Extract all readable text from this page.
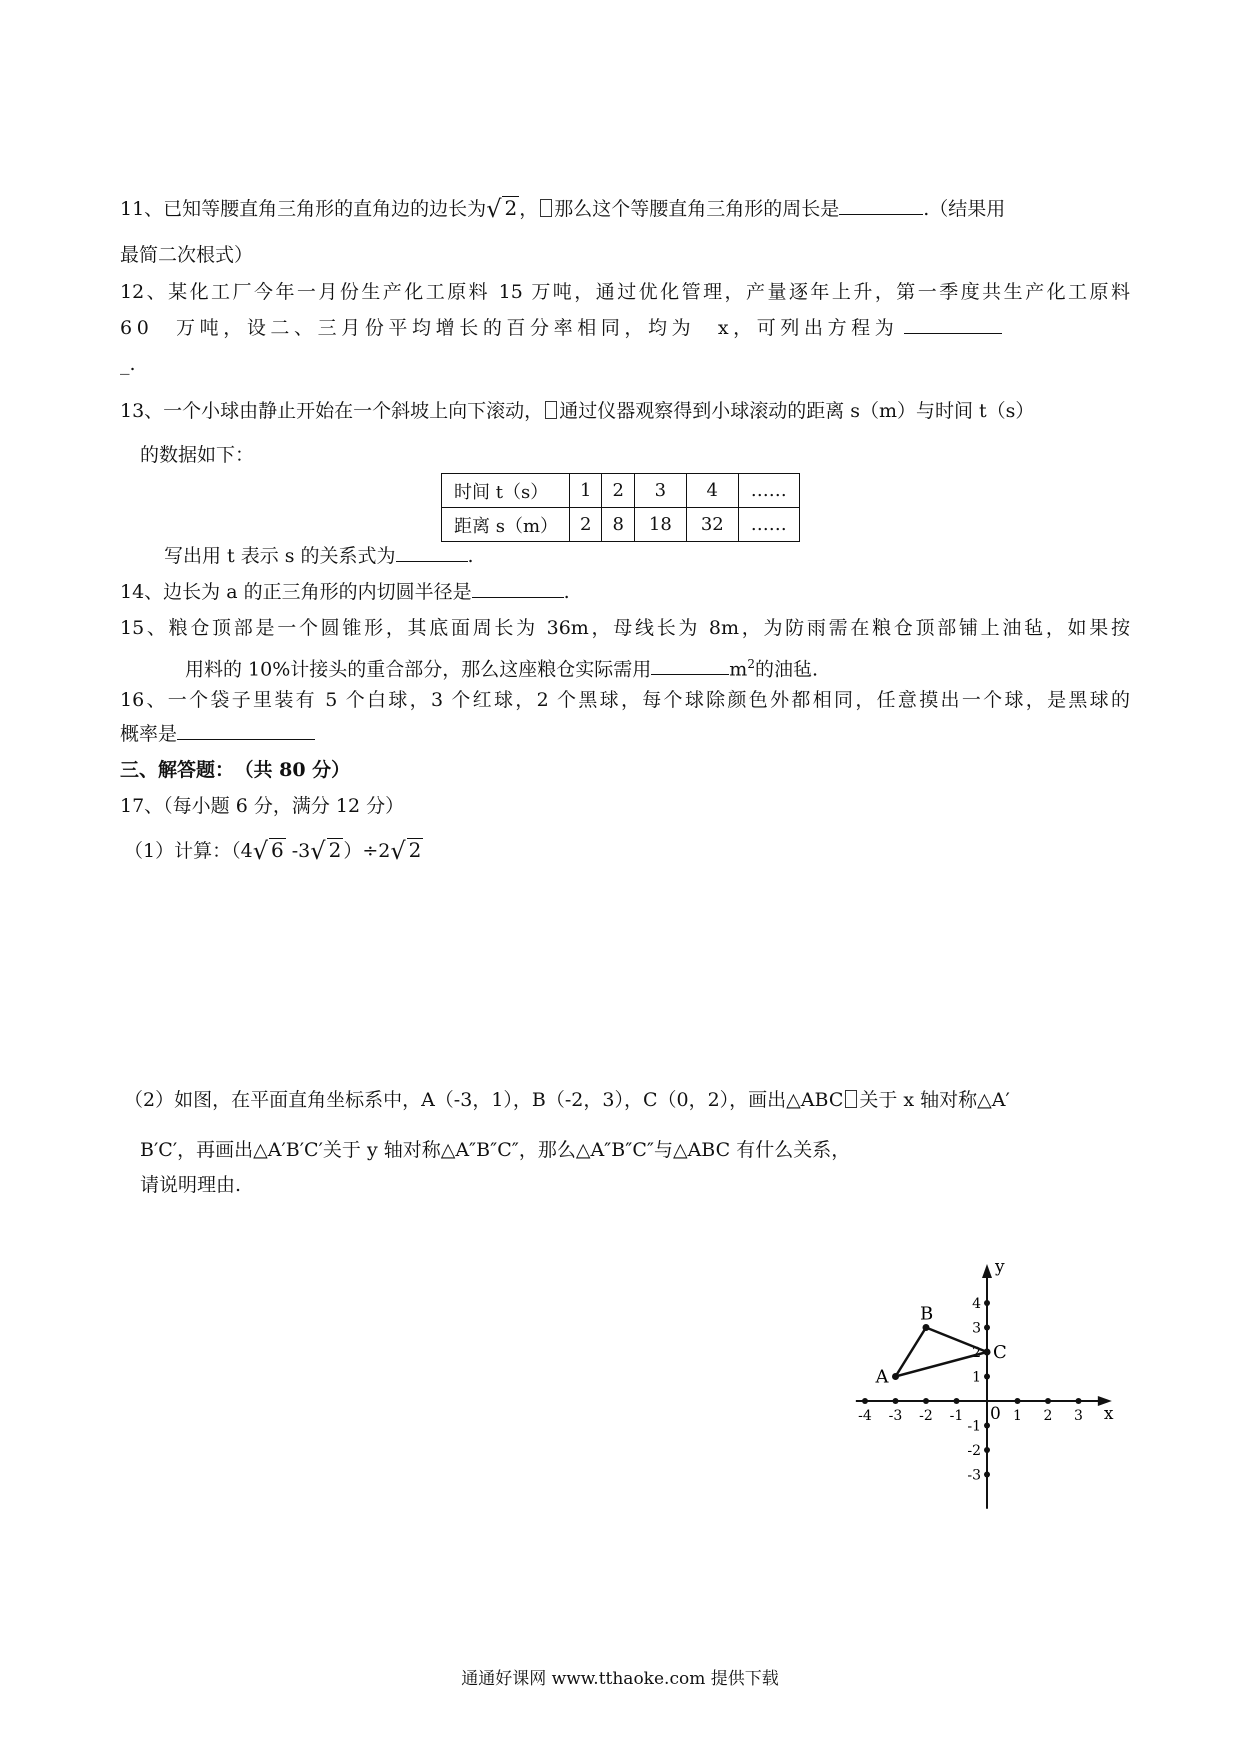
11、已知等腰直角三角形的直角边的边长为√ 2 ， 那么这个等腰直角三角形的周长是	.（结果用
最简二次根式）
12、某化工厂今年一月份生产化工原料 15 万吨，通过优化管理，产量逐年上升，第一季度共生产化工原料
60 万吨，设二、三月份平均增长的百分率相同，均为 x，可列出方程为
_.
13、一个小球由静止开始在一个斜坡上向下滚动， 通过仪器观察得到小球滚动的距离 s（m）与时间 t（s）
的数据如下：
时间 t（s）	1	2	3	4	……
距离 s（m）	2	8	18	32	……
写出用 t 表示 s 的关系式为	.
14、边长为 a 的正三角形的内切圆半径是	.
15、粮仓顶部是一个圆锥形，其底面周长为 36m，母线长为 8m，为防雨需在粮仓顶部铺上油毡，如果按
用料的 10%计接头的重合部分，那么这座粮仓实际需用	$m^2$的油毡.
16、一个袋子里装有 5 个白球，3 个红球，2 个黑球，每个球除颜色外都相同，任意摸出一个球，是黑球的
概率是
三、解答题： （共 80 分）
17、（每小题 6 分，满分 12 分）
（1）计算：（4√ 6 -3√ 2 ）÷2√ 2
（2）如图，在平面直角坐标系中，A（-3，1），B（-2，3），C（0，2），画出△ABC 关于 x 轴对称△A′
B′C′，再画出△A′B′C′关于 y 轴对称△A″B″C″，那么△A″B″C″与△ABC 有什么关系，
请说明理由.
x
y
0
-4 -3 -2 -1	1 2 3
4
3
2
1
-1
-2
-3
A
B
C
通通好课网 www.tthaoke.com 提供下载
